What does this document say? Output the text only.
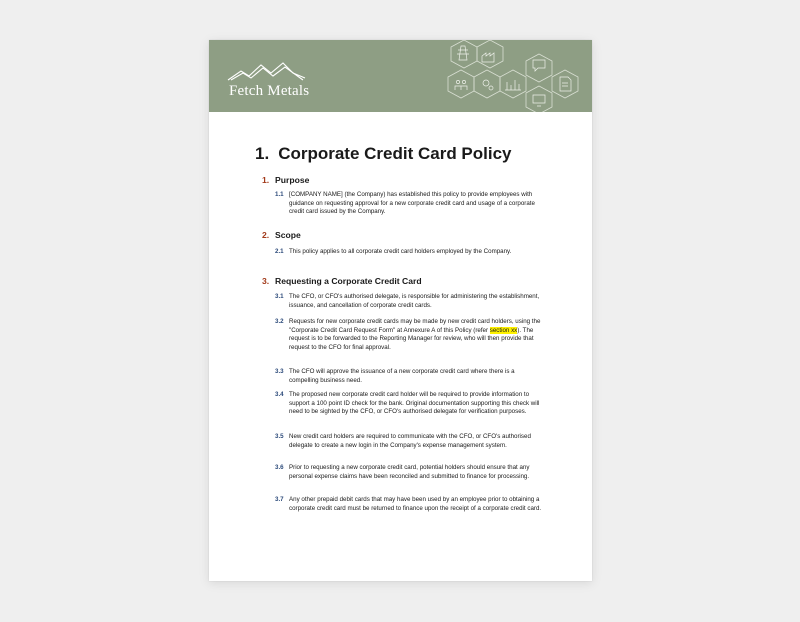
Fetch Metals
1. Corporate Credit Card Policy
1. Purpose
1.1 [COMPANY NAME] (the Company) has established this policy to provide employees with guidance on requesting approval for a new corporate credit card and usage of a corporate credit card issued by the Company.
2. Scope
2.1 This policy applies to all corporate credit card holders employed by the Company.
3. Requesting a Corporate Credit Card
3.1 The CFO, or CFO's authorised delegate, is responsible for administering the establishment, issuance, and cancellation of corporate credit cards.
3.2 Requests for new corporate credit cards may be made by new credit card holders, using the "Corporate Credit Card Request Form" at Annexure A of this Policy (refer section xx). The request is to be forwarded to the Reporting Manager for review, who will then provide that request to the CFO for final approval.
3.3 The CFO will approve the issuance of a new corporate credit card where there is a compelling business need.
3.4 The proposed new corporate credit card holder will be required to provide information to support a 100 point ID check for the bank. Original documentation supporting this check will need to be sighted by the CFO, or CFO's authorised delegate for verification purposes.
3.5 New credit card holders are required to communicate with the CFO, or CFO's authorised delegate to create a new login in the Company's expense management system.
3.6 Prior to requesting a new corporate credit card, potential holders should ensure that any personal expense claims have been reconciled and submitted to finance for processing.
3.7 Any other prepaid debit cards that may have been used by an employee prior to obtaining a corporate credit card must be returned to finance upon the receipt of a corporate credit card.
